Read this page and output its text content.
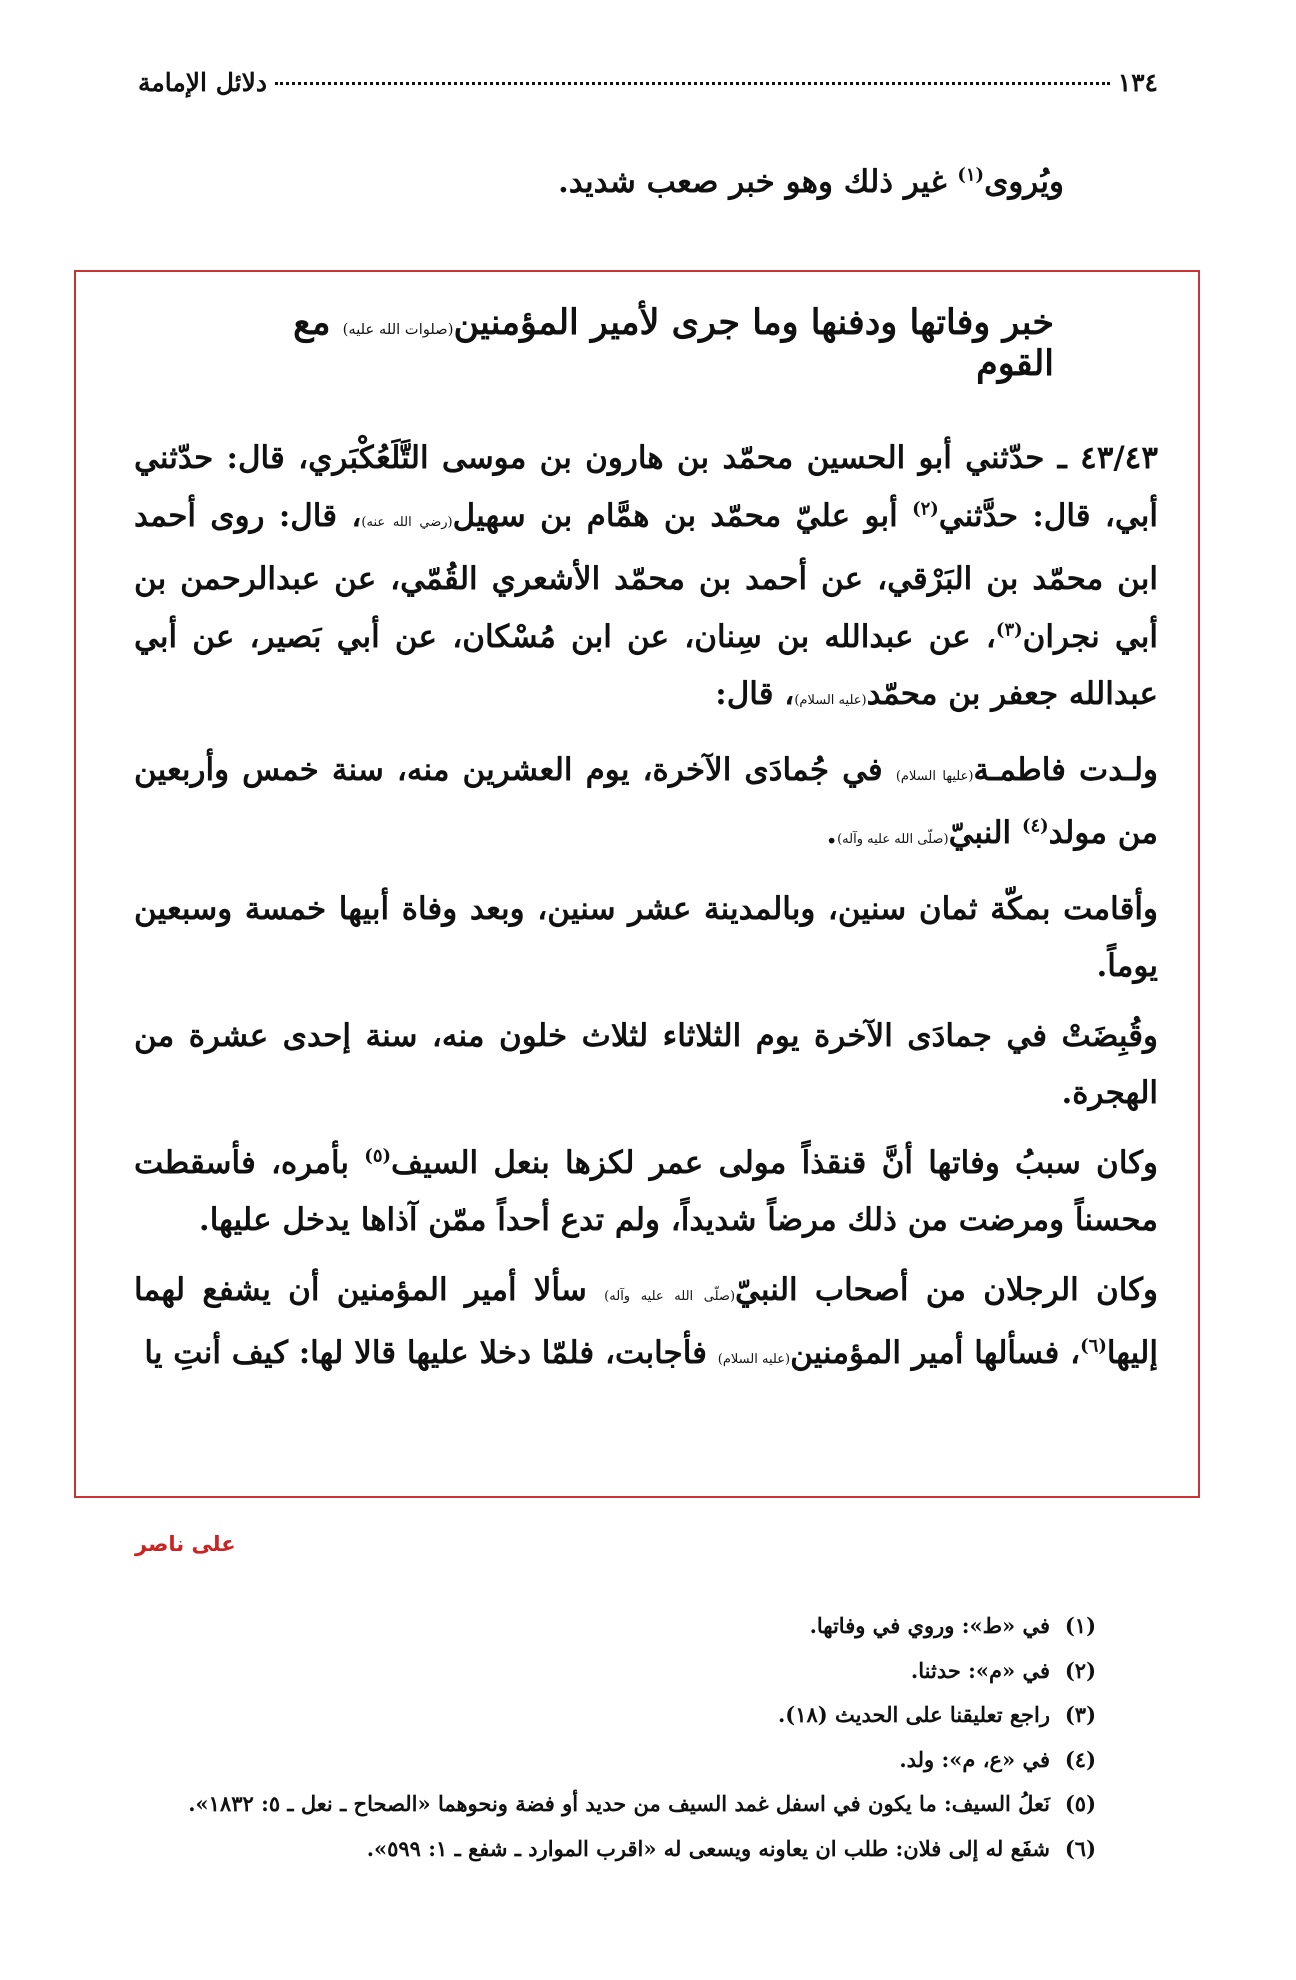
١٣٤
دلائل الإمامة
ويُروى$^{(١)}$ غير ذلك وهو خبر صعب شديد.
خبر وفاتها ودفنها وما جرى لأمير المؤمنين(صلوات الله عليه) مع القوم

٤٣/٤٣ ـ حدّثني أبو الحسين محمّد بن هارون بن موسى التَّلَعُكْبَري، قال: حدّثني أبي، قال: حدَّثني$^{(٢)}$ أبو عليّ محمّد بن همَّام بن سهيل(رضي الله عنه)، قال: روى أحمد ابن محمّد بن البَرْقي، عن أحمد بن محمّد الأشعري القُمّي، عن عبدالرحمن بن أبي نجران$^{(٣)}$، عن عبدالله بن سِنان، عن ابن مُسْكان، عن أبي بَصير، عن أبي عبدالله جعفر بن محمّد(عليه السلام)، قال:

ولـدت فاطمـة(عليها السلام) في جُمادَى الآخرة، يوم العشرين منه، سنة خمس وأربعين من مولد$^{(٤)}$ النبيّ(صلّى الله عليه وآله).

وأقامت بمكّة ثمان سنين، وبالمدينة عشر سنين، وبعد وفاة أبيها خمسة وسبعين يوماً.

وقُبِضَتْ في جمادَى الآخرة يوم الثلاثاء لثلاث خلون منه، سنة إحدى عشرة من الهجرة.

وكان سببُ وفاتها أنَّ قنقذاً مولى عمر لكزها بنعل السيف$^{(٥)}$ بأمره، فأسقطت محسناً ومرضت من ذلك مرضاً شديداً، ولم تدع أحداً ممّن آذاها يدخل عليها.

وكان الرجلان من أصحاب النبيّ(صلّى الله عليه وآله) سألا أمير المؤمنين أن يشفع لهما إليها$^{(٦)}$، فسألها أمير المؤمنين(عليه السلام) فأجابت، فلمّا دخلا عليها قالا لها: كيف أنتِ يا

على ناصر
(١)في «ط»: وروي في وفاتها.
(٢)في «م»: حدثنا.
(٣)راجع تعليقنا على الحديث (١٨).
(٤)في «ع، م»: ولد.
(٥)نَعلُ السيف: ما يكون في اسفل غمد السيف من حديد أو فضة ونحوهما «الصحاح ـ نعل ـ ٥: ١٨٣٢».
(٦)شفَع له إلى فلان: طلب ان يعاونه ويسعى له «اقرب الموارد ـ شفع ـ ١: ٥٩٩».
